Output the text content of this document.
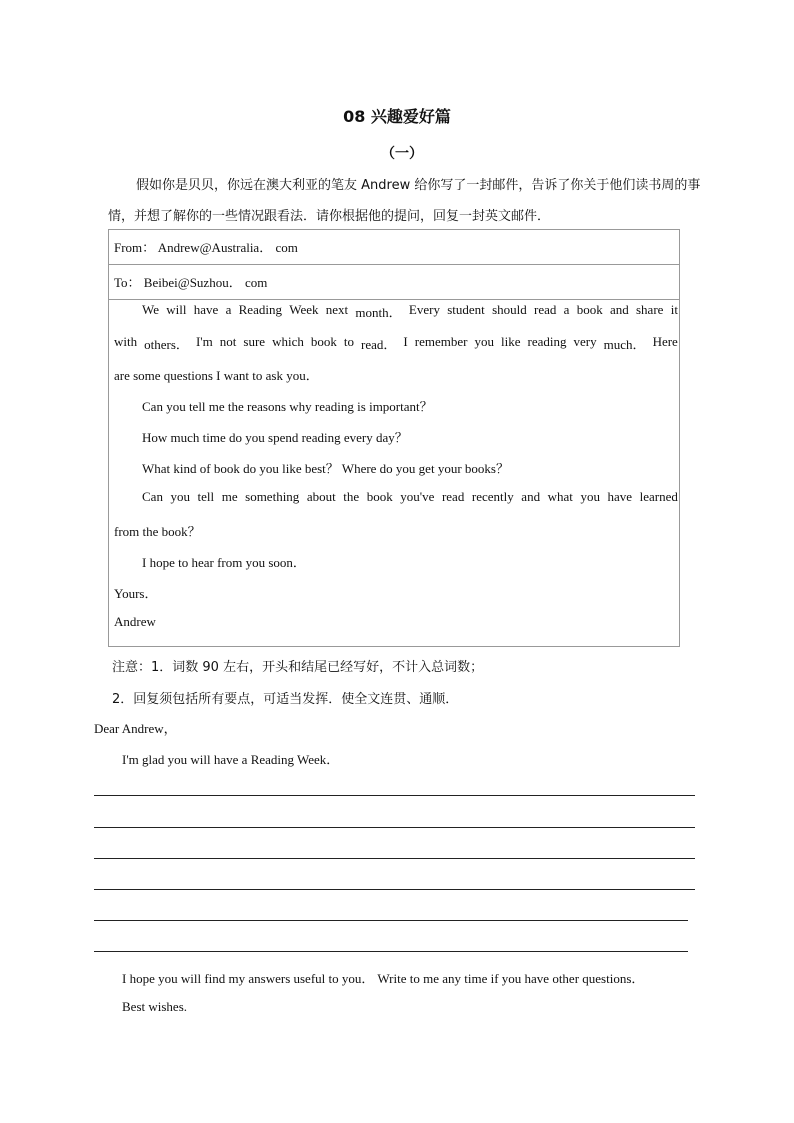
08 兴趣爱好篇
（一）
假如你是贝贝，你远在澳大利亚的笔友 Andrew 给你写了一封邮件，告诉了你关于他们读书周的事情，并想了解你的一些情况跟看法．请你根据他的提问，回复一封英文邮件．
From： Andrew@Australia． com
To： Beibei@Suzhou． com
We will have a Reading Week next month． Every student should read a book and share it
with others． I'm not sure which book to read． I remember you like reading very much． Here
are some questions I want to ask you．
Can you tell me the reasons why reading is important？
How much time do you spend reading every day？
What kind of book do you like best？ Where do you get your books？
Can you tell me something about the book you've read recently and what you have learned
from the book？
I hope to hear from you soon．
Yours．
Andrew
注意：1．词数 90 左右，开头和结尾已经写好，不计入总词数；
2．回复须包括所有要点，可适当发挥．使全文连贯、通顺．
Dear Andrew，
I'm glad you will have a Reading Week．
I hope you will find my answers useful to you． Write to me any time if you have other questions．
Best wishes.
